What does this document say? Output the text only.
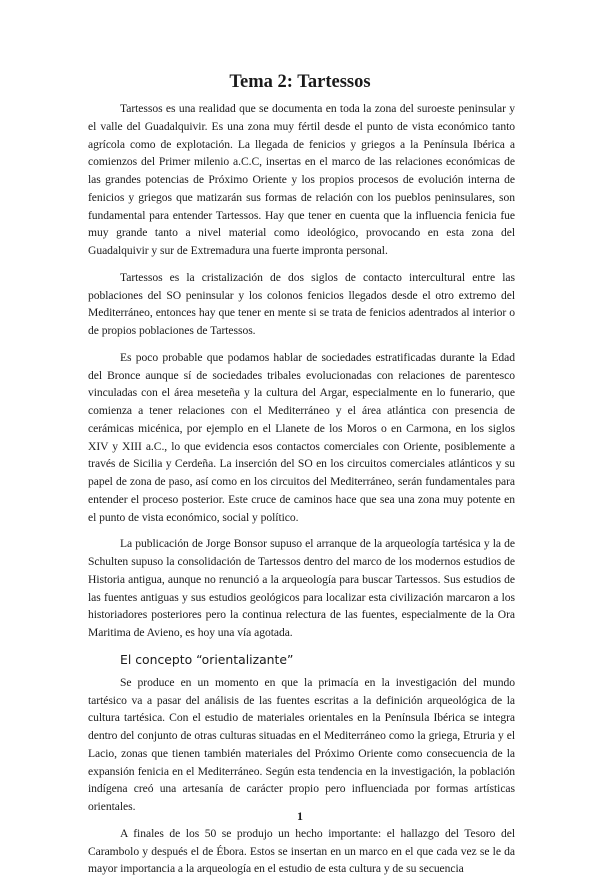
Tema 2: Tartessos

Tartessos es una realidad que se documenta en toda la zona del suroeste peninsular y el valle del Guadalquivir. Es una zona muy fértil desde el punto de vista económico tanto agrícola como de explotación. La llegada de fenicios y griegos a la Península Ibérica a comienzos del Primer milenio a.C.C, insertas en el marco de las relaciones económicas de las grandes potencias de Próximo Oriente y los propios procesos de evolución interna de fenicios y griegos que matizarán sus formas de relación con los pueblos peninsulares, son fundamental para entender Tartessos. Hay que tener en cuenta que la influencia fenicia fue muy grande tanto a nivel material como ideológico, provocando en esta zona del Guadalquivir y sur de Extremadura una fuerte impronta personal.

Tartessos es la cristalización de dos siglos de contacto intercultural entre las poblaciones del SO peninsular y los colonos fenicios llegados desde el otro extremo del Mediterráneo, entonces hay que tener en mente si se trata de fenicios adentrados al interior o de propios poblaciones de Tartessos.

Es poco probable que podamos hablar de sociedades estratificadas durante la Edad del Bronce aunque sí de sociedades tribales evolucionadas con relaciones de parentesco vinculadas con el área meseteña y la cultura del Argar, especialmente en lo funerario, que comienza a tener relaciones con el Mediterráneo y el área atlántica con presencia de cerámicas micénica, por ejemplo en el Llanete de los Moros o en Carmona, en los siglos XIV y XIII a.C., lo que evidencia esos contactos comerciales con Oriente, posiblemente a través de Sicilia y Cerdeña. La inserción del SO en los circuitos comerciales atlánticos y su papel de zona de paso, así como en los circuitos del Mediterráneo, serán fundamentales para entender el proceso posterior. Este cruce de caminos hace que sea una zona muy potente en el punto de vista económico, social y político.

La publicación de Jorge Bonsor supuso el arranque de la arqueología tartésica y la de Schulten supuso la consolidación de Tartessos dentro del marco de los modernos estudios de Historia antigua, aunque no renunció a la arqueología para buscar Tartessos. Sus estudios de las fuentes antiguas y sus estudios geológicos para localizar esta civilización marcaron a los historiadores posteriores pero la continua relectura de las fuentes, especialmente de la Ora Maritima de Avieno, es hoy una vía agotada.

El concepto “orientalizante”

Se produce en un momento en que la primacía en la investigación del mundo tartésico va a pasar del análisis de las fuentes escritas a la definición arqueológica de la cultura tartésica. Con el estudio de materiales orientales en la Península Ibérica se integra dentro del conjunto de otras culturas situadas en el Mediterráneo como la griega, Etruria y el Lacio, zonas que tienen también materiales del Próximo Oriente como consecuencia de la expansión fenicia en el Mediterráneo. Según esta tendencia en la investigación, la población indígena creó una artesanía de carácter propio pero influenciada por formas artísticas orientales.

A finales de los 50 se produjo un hecho importante: el hallazgo del Tesoro del Carambolo y después el de Ébora. Estos se insertan en un marco en el que cada vez se le da mayor importancia a la arqueología en el estudio de esta cultura y de su secuencia

1
